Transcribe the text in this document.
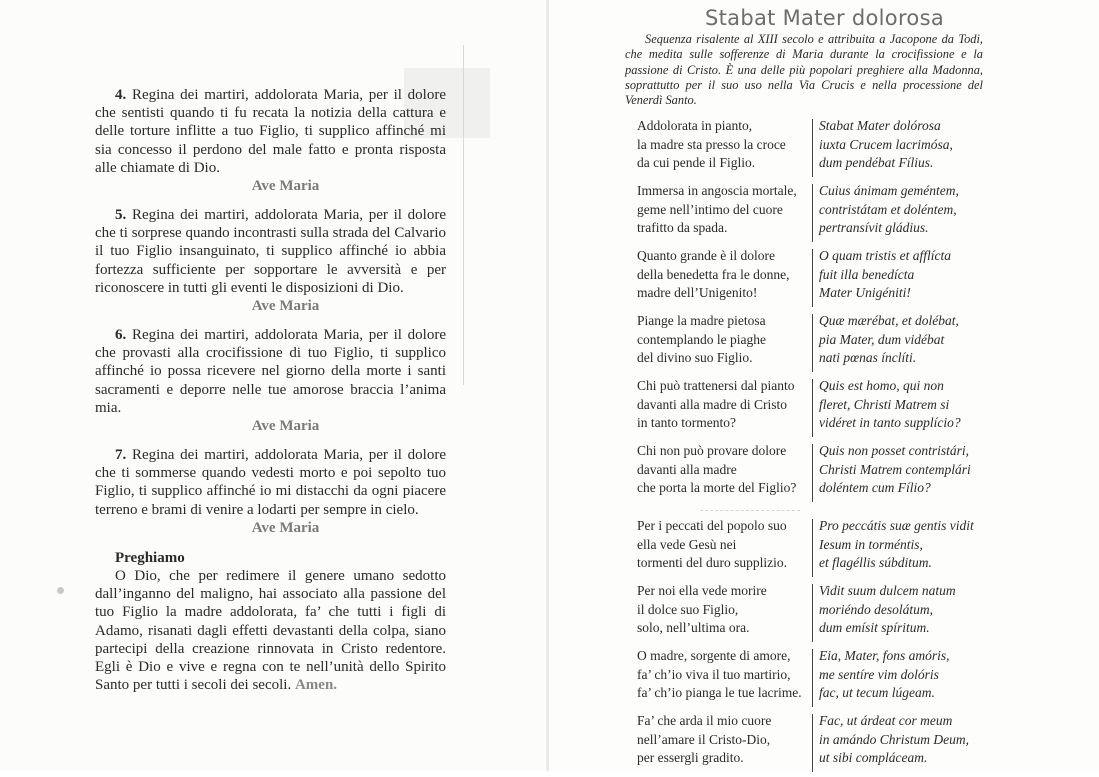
4. Regina dei martiri, addolorata Maria, per il dolore che sentisti quando ti fu recata la notizia della cattura e delle torture inflitte a tuo Figlio, ti supplico affinché mi sia concesso il perdono del male fatto e pronta risposta alle chiamate di Dio.

Ave Maria

5. Regina dei martiri, addolorata Maria, per il dolore che ti sorprese quando incontrasti sulla strada del Calvario il tuo Figlio insanguinato, ti supplico affinché io abbia fortezza sufficiente per sopportare le avversità e per riconoscere in tutti gli eventi le disposizioni di Dio.

Ave Maria

6. Regina dei martiri, addolorata Maria, per il dolore che provasti alla crocifissione di tuo Figlio, ti supplico affinché io possa ricevere nel giorno della morte i santi sacramenti e deporre nelle tue amorose braccia l’anima mia.

Ave Maria

7. Regina dei martiri, addolorata Maria, per il dolore che ti sommerse quando vedesti morto e poi sepolto tuo Figlio, ti supplico affinché io mi distacchi da ogni piacere terreno e brami di venire a lodarti per sempre in cielo.

Ave Maria

Preghiamo

O Dio, che per redimere il genere umano sedotto dall’inganno del maligno, hai associato alla passione del tuo Figlio la madre addolorata, fa’ che tutti i figli di Adamo, risanati dagli effetti devastanti della colpa, siano partecipi della creazione rinnovata in Cristo redentore. Egli è Dio e vive e regna con te nell’unità dello Spirito Santo per tutti i secoli dei secoli. Amen.

Stabat Mater dolorosa

Sequenza risalente al XIII secolo e attribuita a Jacopone da Todi, che medita sulle sofferenze di Maria durante la crocifissione e la passione di Cristo. È una delle più popolari preghiere alla Madonna, soprattutto per il suo uso nella Via Crucis e nella processione del Venerdì Santo.

Addolorata in pianto,
la madre sta presso la croce
da cui pende il Figlio.
Stabat Mater dolórosa
iuxta Crucem lacrimósa,
dum pendébat Fílius.
Immersa in angoscia mortale,
geme nell’intimo del cuore
trafitto da spada.
Cuius ánimam geméntem,
contristátam et doléntem,
pertransívit gládius.
Quanto grande è il dolore
della benedetta fra le donne,
madre dell’Unigenito!
O quam tristis et afflícta
fuit illa benedícta
Mater Unigéniti!
Piange la madre pietosa
contemplando le piaghe
del divino suo Figlio.
Quæ mærébat, et dolébat,
pia Mater, dum vidébat
nati pœnas ínclíti.
Chi può trattenersi dal pianto
davanti alla madre di Cristo
in tanto tormento?
Quis est homo, qui non
fleret, Christi Matrem si
vidéret in tanto supplício?
Chi non può provare dolore
davanti alla madre
che porta la morte del Figlio?
Quis non posset contristári,
Christi Matrem contemplári
doléntem cum Fílio?
Per i peccati del popolo suo
ella vede Gesù nei
tormenti del duro supplizio.
Pro peccátis suæ gentis vidit
Iesum in torméntis,
et flagéllis súbditum.
Per noi ella vede morire
il dolce suo Figlio,
solo, nell’ultima ora.
Vidit suum dulcem natum
moriéndo desolátum,
dum emísit spíritum.
O madre, sorgente di amore,
fa’ ch’io viva il tuo martirio,
fa’ ch’io pianga le tue lacrime.
Eia, Mater, fons amóris,
me sentíre vim dolóris
fac, ut tecum lúgeam.
Fa’ che arda il mio cuore
nell’amare il Cristo-Dio,
per essergli gradito.
Fac, ut árdeat cor meum
in amándo Christum Deum,
ut sibi compláceam.
